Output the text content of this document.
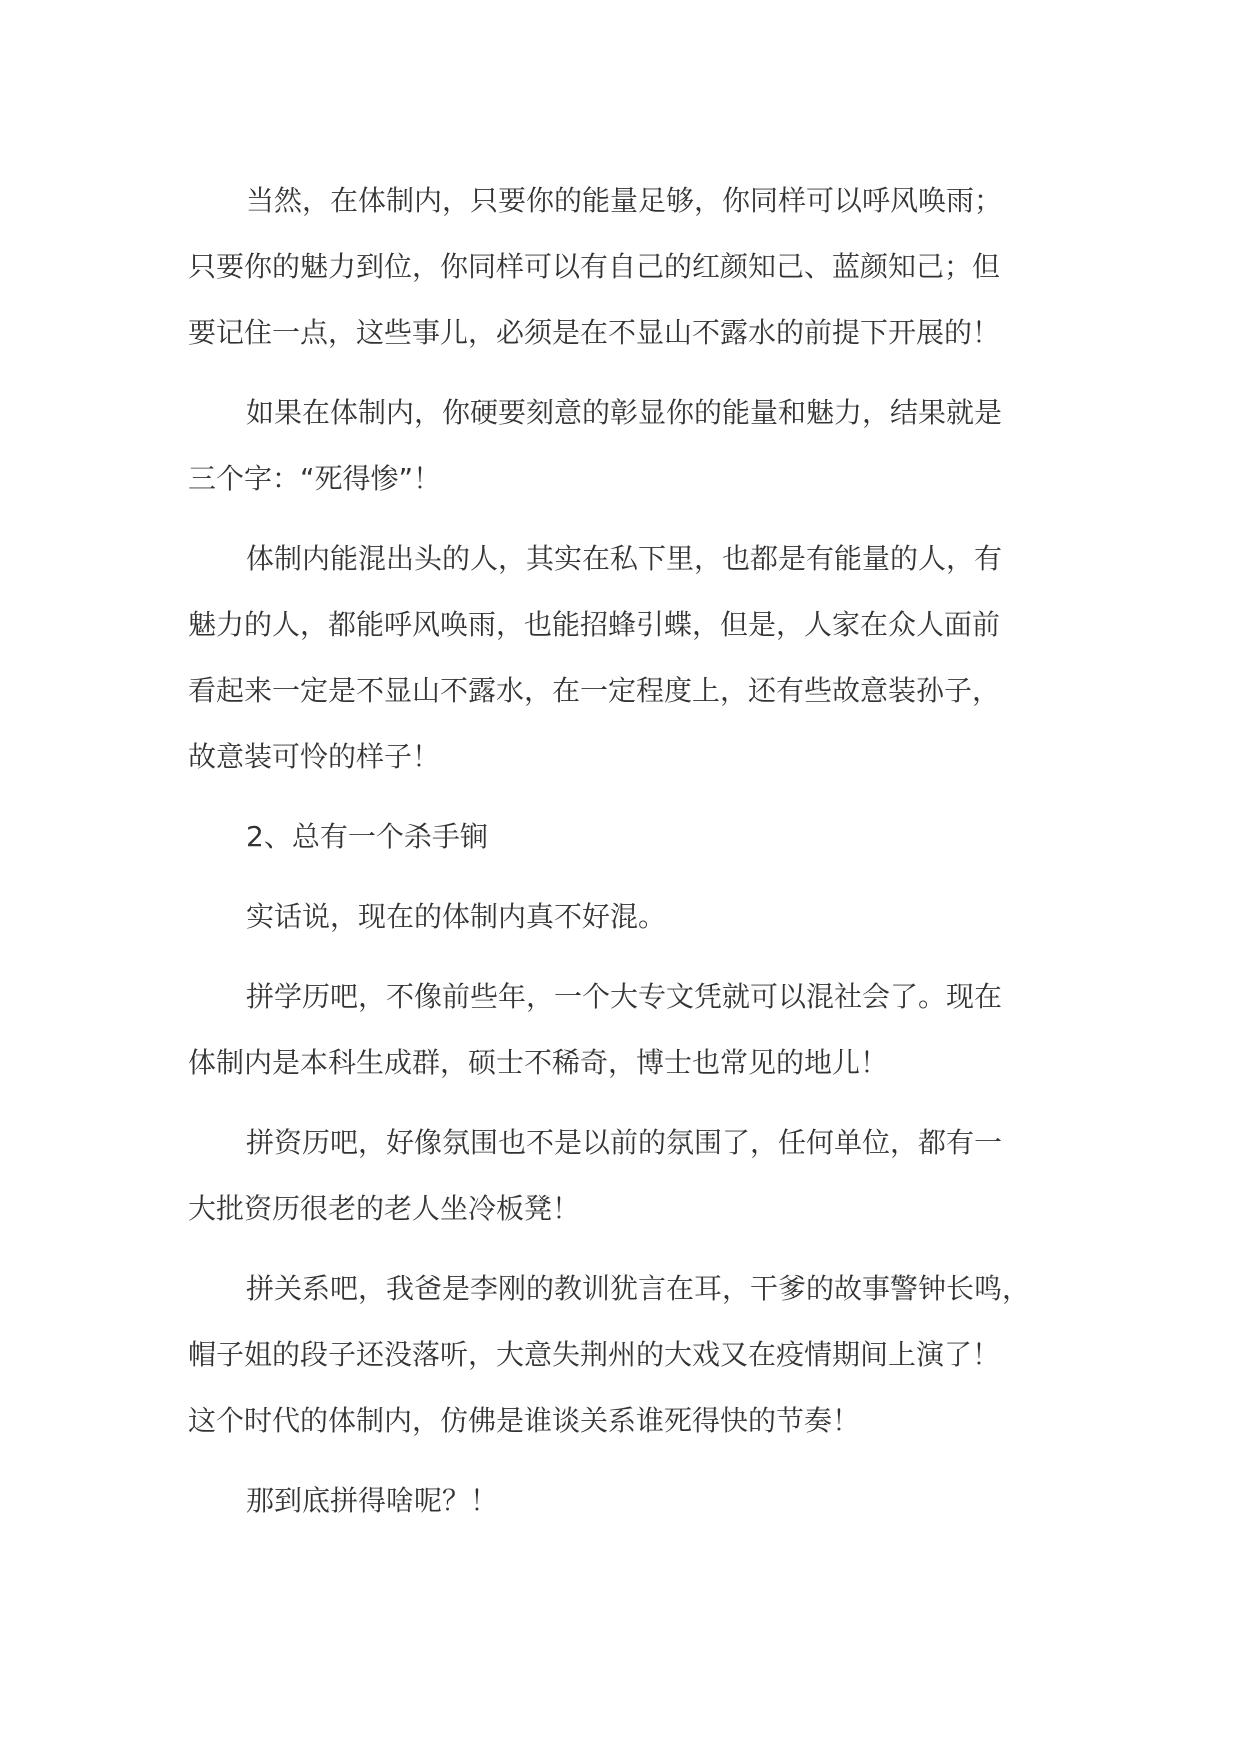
当然，在体制内，只要你的能量足够，你同样可以呼风唤雨；
只要你的魅力到位，你同样可以有自己的红颜知己、蓝颜知己；但
要记住一点，这些事儿，必须是在不显山不露水的前提下开展的！

如果在体制内，你硬要刻意的彰显你的能量和魅力，结果就是
三个字：“死得惨”！

体制内能混出头的人，其实在私下里，也都是有能量的人，有
魅力的人，都能呼风唤雨，也能招蜂引蝶，但是，人家在众人面前
看起来一定是不显山不露水，在一定程度上，还有些故意装孙子，
故意装可怜的样子！

2、总有一个杀手锏

实话说，现在的体制内真不好混。

拼学历吧，不像前些年，一个大专文凭就可以混社会了。现在
体制内是本科生成群，硕士不稀奇，博士也常见的地儿！

拼资历吧，好像氛围也不是以前的氛围了，任何单位，都有一
大批资历很老的老人坐冷板凳！

拼关系吧，我爸是李刚的教训犹言在耳，干爹的故事警钟长鸣，
帽子姐的段子还没落听，大意失荆州的大戏又在疫情期间上演了！
这个时代的体制内，仿佛是谁谈关系谁死得快的节奏！

那到底拼得啥呢？！
